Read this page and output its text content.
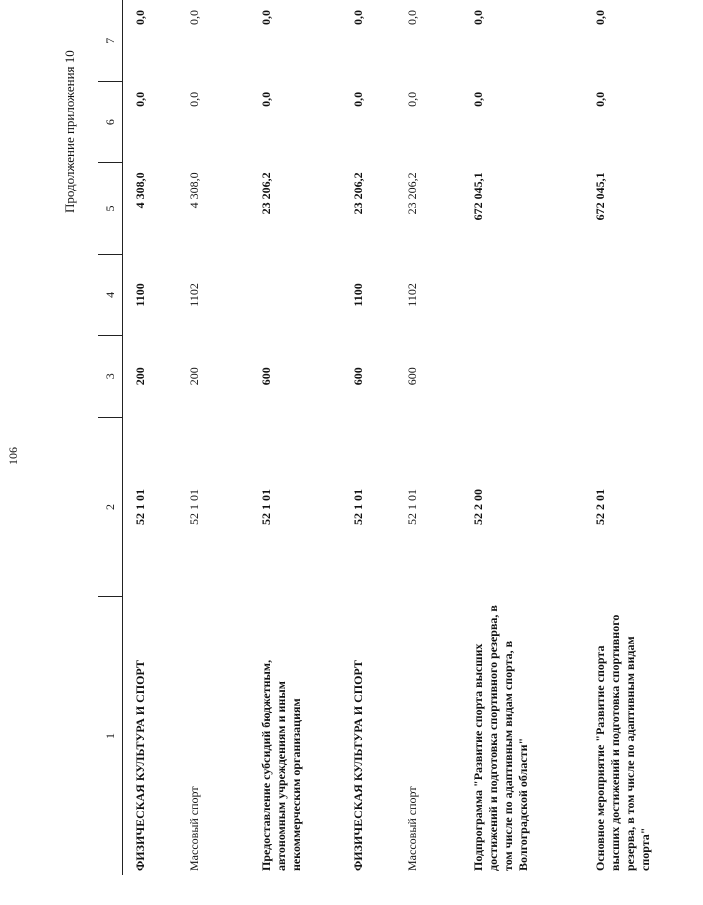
106
Продолжение приложения 10
1	2	3	4	5	6	7
ФИЗИЧЕСКАЯ КУЛЬТУРА И СПОРТ	52 1 01	200	1100	4 308,0	0,0	0,0
Массовый спорт	52 1 01	200	1102	4 308,0	0,0	0,0
Предоставление субсидий бюджетным, автономным учреждениям и иным некоммерческим организациям	52 1 01	600		23 206,2	0,0	0,0
ФИЗИЧЕСКАЯ КУЛЬТУРА И СПОРТ	52 1 01	600	1100	23 206,2	0,0	0,0
Массовый спорт	52 1 01	600	1102	23 206,2	0,0	0,0
Подпрограмма "Развитие спорта высших достижений и подготовка спортивного резерва, в том числе по адаптивным видам спорта, в Волгоградской области"	52 2 00			672 045,1	0,0	0,0
Основное мероприятие "Развитие спорта высших достижений и подготовка спортивного резерва, в том числе по адаптивным видам спорта"	52 2 01			672 045,1	0,0	0,0
